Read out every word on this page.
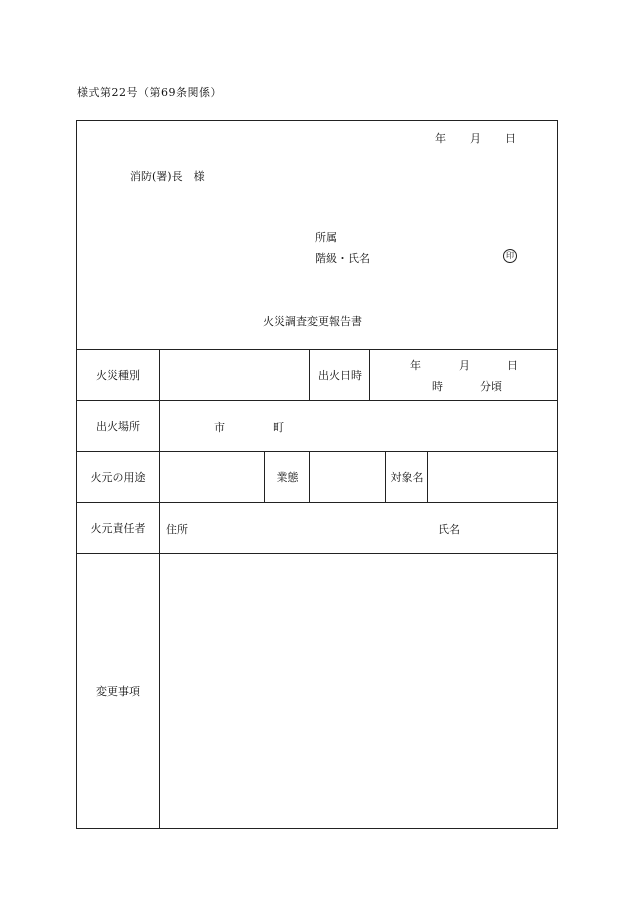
様式第22号（第69条関係）
年 月 日
消防(署)長　様
所属
階級・氏名	印
火災調査変更報告書
火災種別	出火日時
年	月	日
時	分頃
出火場所	市	町
火元の用途	業態	対象名
火元責任者	住所	氏名
変更事項
